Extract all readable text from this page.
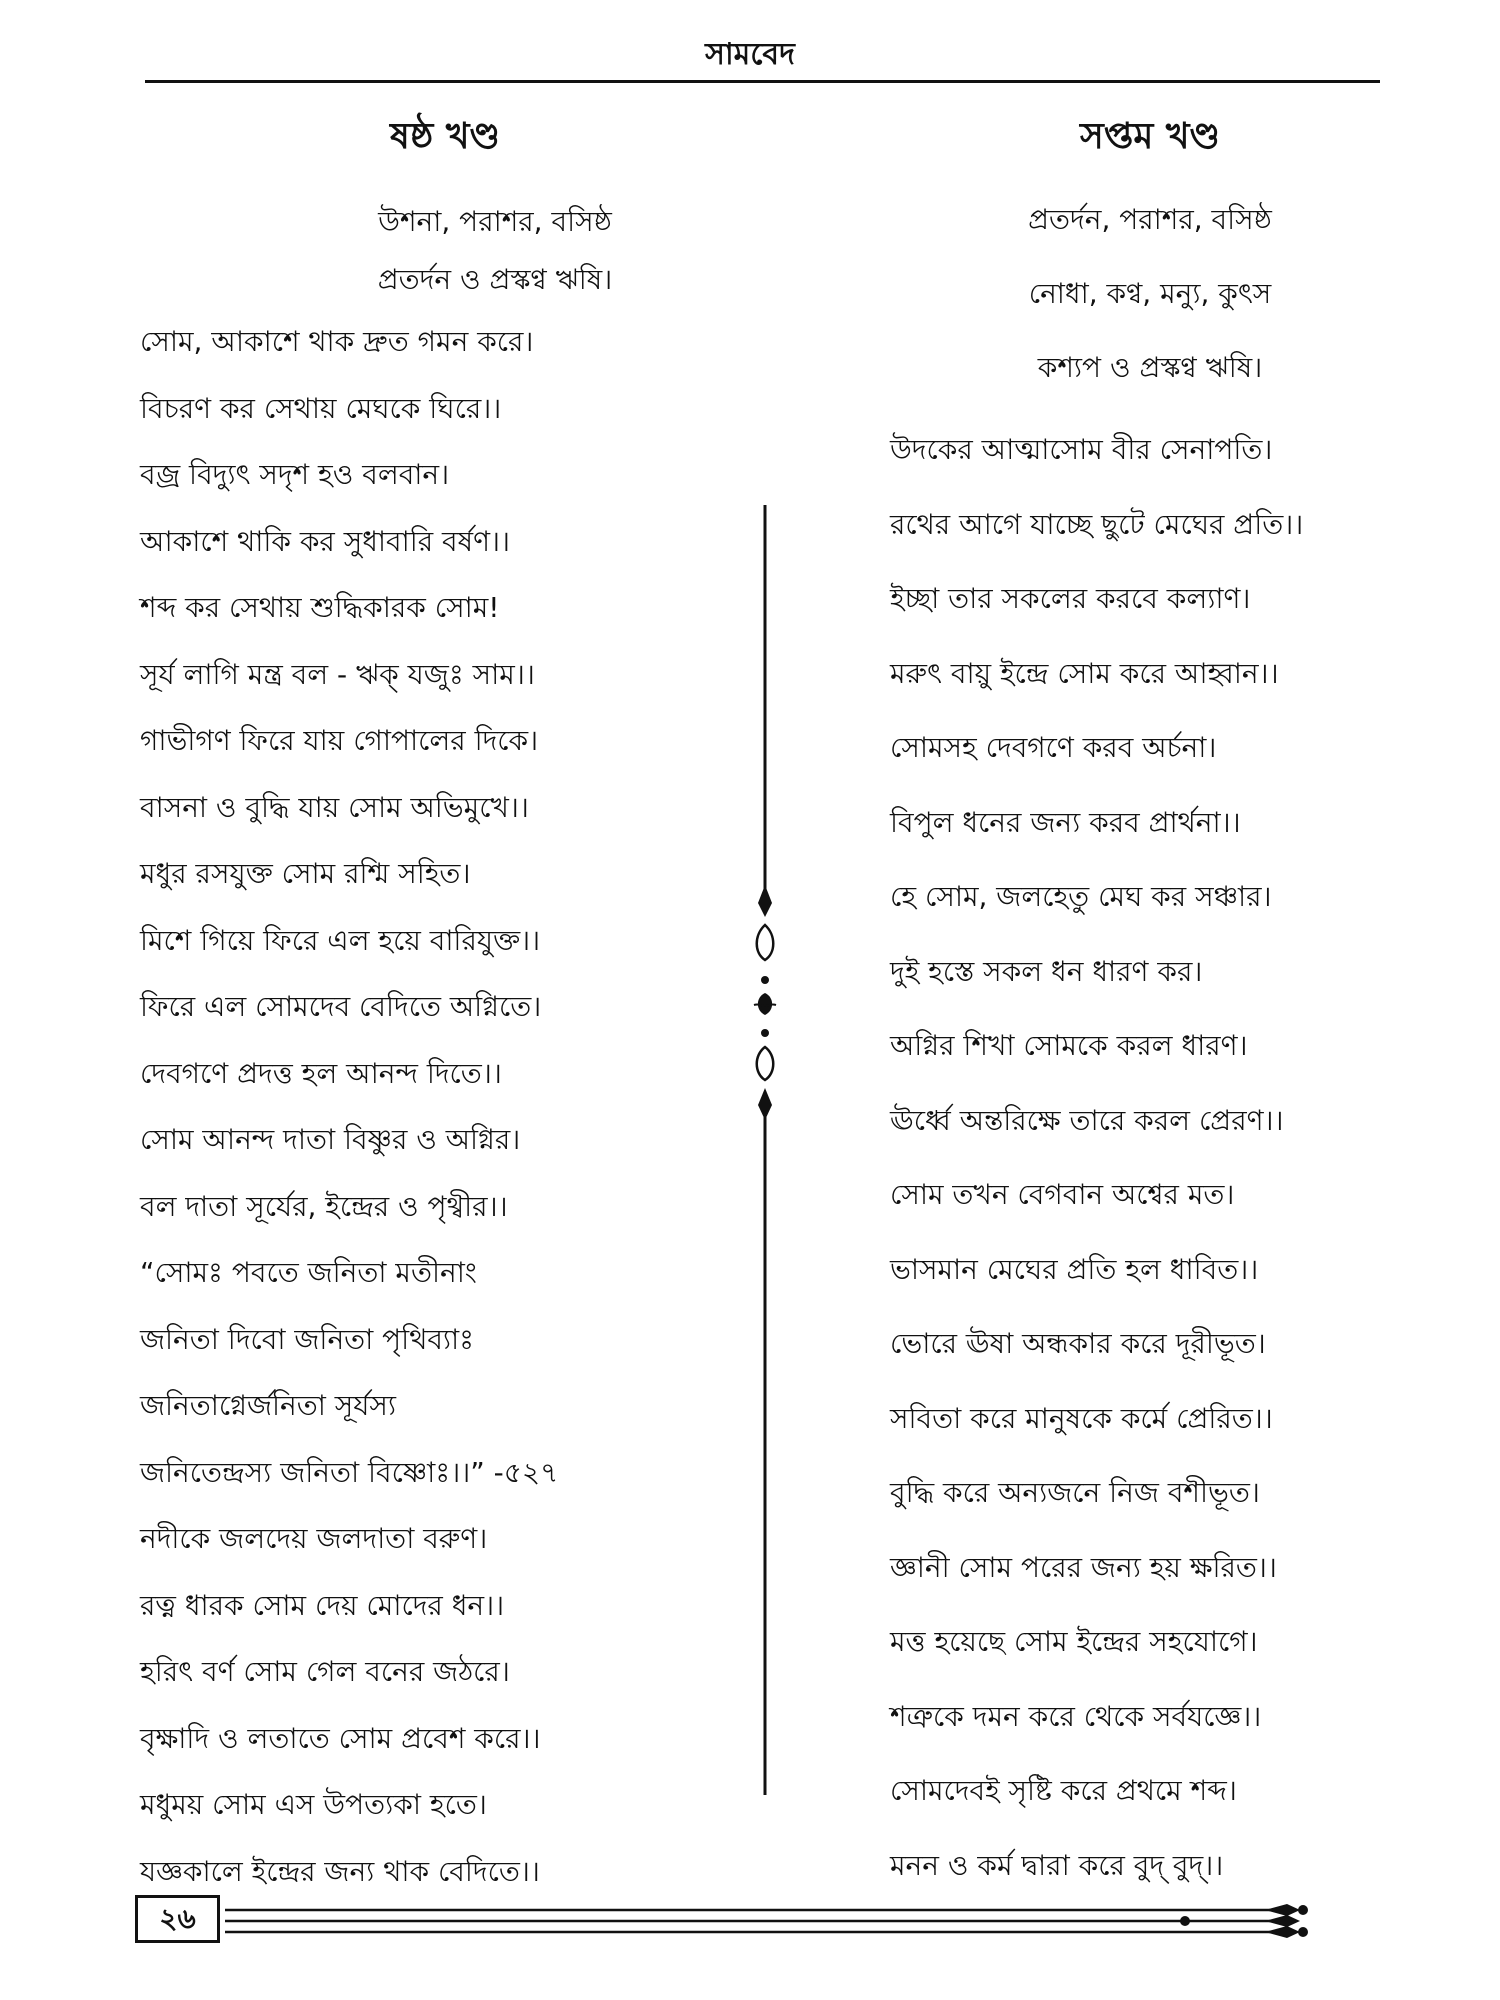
সামবেদ
ষষ্ঠ খণ্ড

উশনা, পরাশর, বসিষ্ঠ

প্রতর্দন ও প্রস্কণ্ব ঋষি।

সোম, আকাশে থাক দ্রুত গমন করে।

বিচরণ কর সেথায় মেঘকে ঘিরে।।

বজ্র বিদ্যুৎ সদৃশ হও বলবান।

আকাশে থাকি কর সুধাবারি বর্ষণ।।

শব্দ কর সেথায় শুদ্ধিকারক সোম!

সূর্য লাগি মন্ত্র বল - ঋক্ যজুঃ সাম।।

গাভীগণ ফিরে যায় গোপালের দিকে।

বাসনা ও বুদ্ধি যায় সোম অভিমুখে।।

মধুর রসযুক্ত সোম রশ্মি সহিত।

মিশে গিয়ে ফিরে এল হয়ে বারিযুক্ত।।

ফিরে এল সোমদেব বেদিতে অগ্নিতে।

দেবগণে প্রদত্ত হল আনন্দ দিতে।।

সোম আনন্দ দাতা বিষ্ণুর ও অগ্নির।

বল দাতা সূর্যের, ইন্দ্রের ও পৃথ্বীর।।

“সোমঃ পবতে জনিতা মতীনাং

জনিতা দিবো জনিতা পৃথিব্যাঃ

জনিতাগ্নের্জনিতা সূর্যস্য

জনিতেন্দ্রস্য জনিতা বিষ্ণোঃ।।” -৫২৭

নদীকে জলদেয় জলদাতা বরুণ।

রত্ন ধারক সোম দেয় মোদের ধন।।

হরিৎ বর্ণ সোম গেল বনের জঠরে।

বৃক্ষাদি ও লতাতে সোম প্রবেশ করে।।

মধুময় সোম এস উপত্যকা হতে।

যজ্ঞকালে ইন্দ্রের জন্য থাক বেদিতে।।

সপ্তম খণ্ড

প্রতর্দন, পরাশর, বসিষ্ঠ

নোধা, কণ্ব, মন্যু, কুৎস

কশ্যপ ও প্রস্কণ্ব ঋষি।

উদকের আত্মাসোম বীর সেনাপতি।

রথের আগে যাচ্ছে ছুটে মেঘের প্রতি।।

ইচ্ছা তার সকলের করবে কল্যাণ।

মরুৎ বায়ু ইন্দ্রে সোম করে আহ্বান।।

সোমসহ দেবগণে করব অর্চনা।

বিপুল ধনের জন্য করব প্রার্থনা।।

হে সোম, জলহেতু মেঘ কর সঞ্চার।

দুই হস্তে সকল ধন ধারণ কর।

অগ্নির শিখা সোমকে করল ধারণ।

ঊর্ধ্বে অন্তরিক্ষে তারে করল প্রেরণ।।

সোম তখন বেগবান অশ্বের মত।

ভাসমান মেঘের প্রতি হল ধাবিত।।

ভোরে ঊষা অন্ধকার করে দূরীভূত।

সবিতা করে মানুষকে কর্মে প্রেরিত।।

বুদ্ধি করে অন্যজনে নিজ বশীভূত।

জ্ঞানী সোম পরের জন্য হয় ক্ষরিত।।

মত্ত হয়েছে সোম ইন্দ্রের সহযোগে।

শত্রুকে দমন করে থেকে সর্বযজ্ঞে।।

সোমদেবই সৃষ্টি করে প্রথমে শব্দ।

মনন ও কর্ম দ্বারা করে বুদ্ বুদ্।।

২৬
